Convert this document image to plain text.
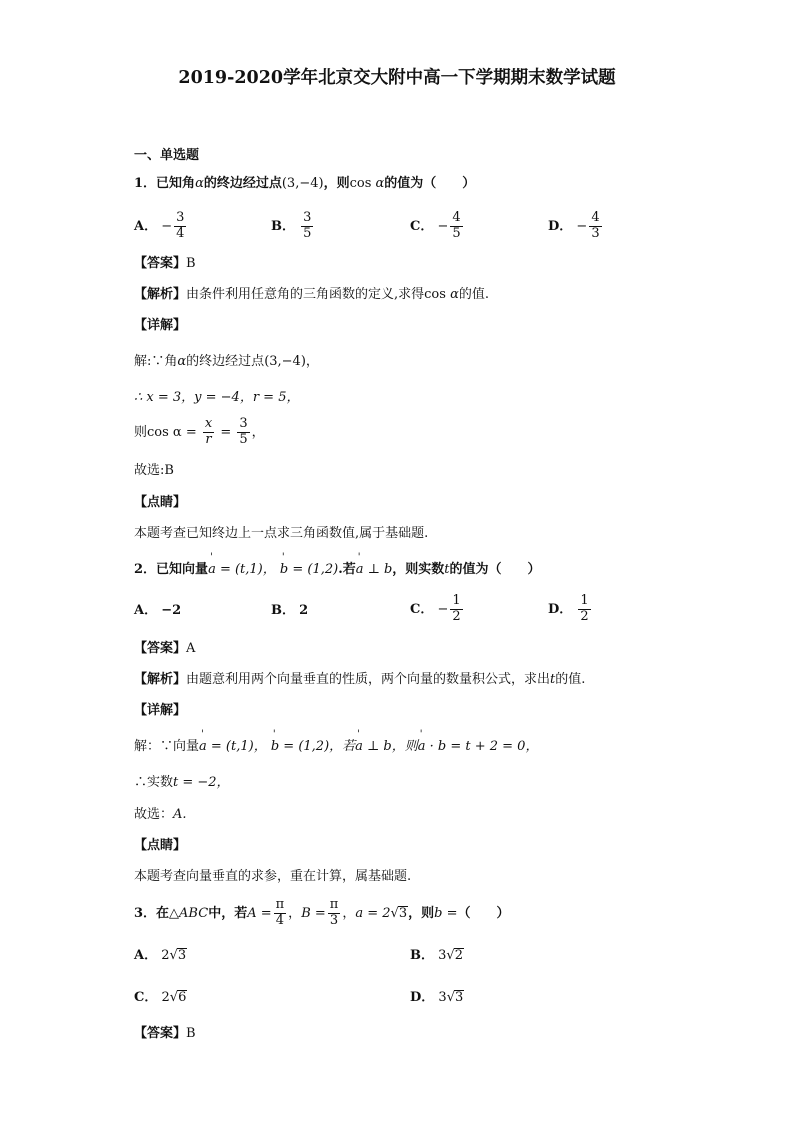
2019-2020学年北京交大附中高一下学期期末数学试题
一、单选题
1．已知角α的终边经过点(3,−4)，则cos α的值为（　　）
A． − $\frac{3}{4}$	B． $\frac{3}{5}$	C． − $\frac{4}{5}$	D． − $\frac{4}{3}$
【答案】B
【解析】由条件利用任意角的三角函数的定义,求得cos α的值.
【详解】
解:∵角α的终边经过点(3,−4)，
∴ x = 3，y = −4，r = 5，
则$\cos \alpha = \frac{x}{r} = \frac{3}{5}$ ，
故选:B
【点睛】
本题考查已知终边上一点求三角函数值,属于基础题.
2．已知向量' a = (t,1)， ' b = (1,2).若' a ⊥ b，则实数t的值为（　　）
A． −2	B． 2	C． − $\frac{1}{2}$	D． $\frac{1}{2}$
【答案】A
【解析】由题意利用两个向量垂直的性质，两个向量的数量积公式，求出t的值.
【详解】
解：∵向量' a = (t,1)， ' b = (1,2)，若' a ⊥ b，则' a · b = t + 2 = 0，
∴实数t = −2，
故选：A.
【点睛】
本题考查向量垂直的求参，重在计算，属基础题.
3．在△ABC中，若$A = \frac{\pi}{4}$ ，$B = \frac{\pi}{3}$ ，a = 2√3，则b =（　　）
A． 2√3	B． 3√2
C． 2√6	D． 3√3
【答案】B
